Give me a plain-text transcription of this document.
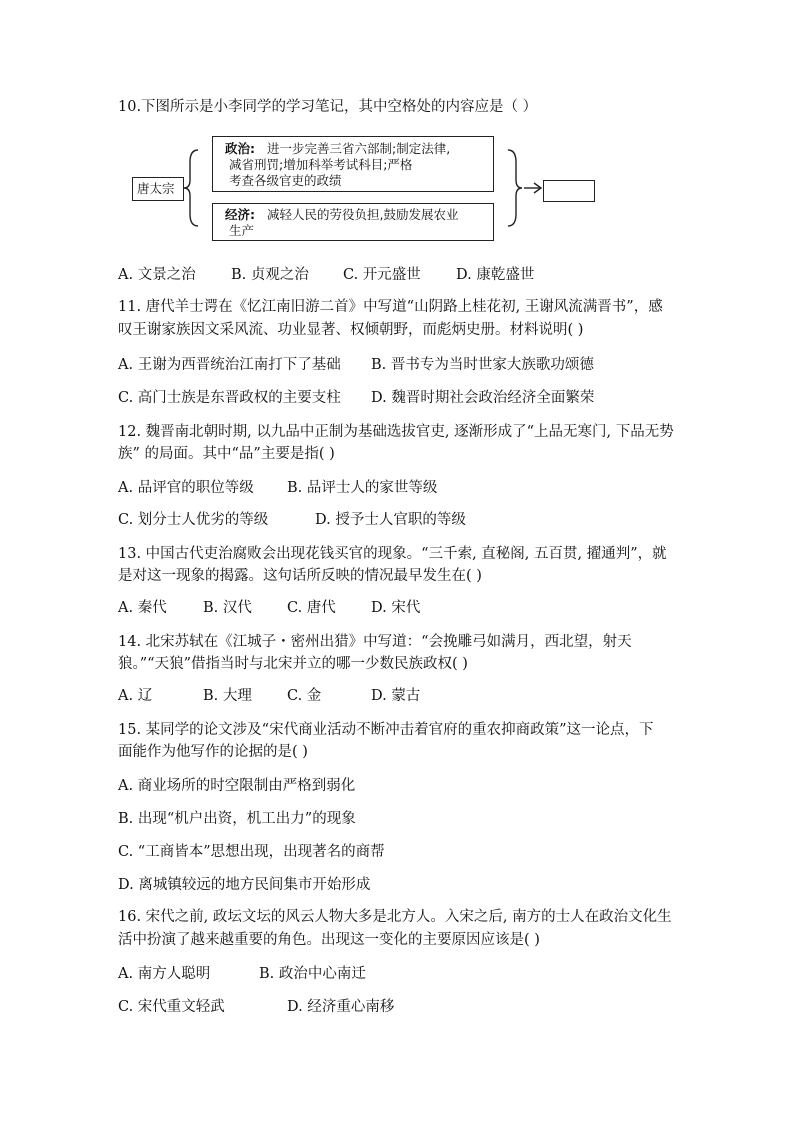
10.下图所示是小李同学的学习笔记，其中空格处的内容应是（ ）
唐太宗
政治: 进一步完善三省六部制;制定法律,
减省刑罚;增加科举考试科目;严格
考查各级官吏的政绩
经济: 减轻人民的劳役负担,鼓励发展农业
生产
A. 文景之治 B. 贞观之治 C. 开元盛世 D. 康乾盛世
11. 唐代羊士谔在《忆江南旧游二首》中写道“山阴路上桂花初, 王谢风流满晋书”，感
叹王谢家族因文采风流、功业显著、权倾朝野，而彪炳史册。材料说明( )
A. 王谢为西晋统治江南打下了基础 B. 晋书专为当时世家大族歌功颂德
C. 高门士族是东晋政权的主要支柱 D. 魏晋时期社会政治经济全面繁荣
12. 魏晋南北朝时期, 以九品中正制为基础选拔官吏, 逐渐形成了“上品无寒门, 下品无势
族” 的局面。其中“品”主要是指( )
A. 品评官的职位等级 B. 品评士人的家世等级
C. 划分士人优劣的等级	D. 授予士人官职的等级
13. 中国古代吏治腐败会出现花钱买官的现象。“三千索, 直秘阁, 五百贯, 擢通判”，就
是对这一现象的揭露。这句话所反映的情况最早发生在( )
A. 秦代	B. 汉代 C. 唐代 D. 宋代
14. 北宋苏轼在《江城子・密州出猎》中写道：“会挽雕弓如满月，西北望，射天
狼。”“天狼”借指当时与北宋并立的哪一少数民族政权( )
A. 辽	B. 大理 C. 金	D. 蒙古
15. 某同学的论文涉及“宋代商业活动不断冲击着官府的重农抑商政策”这一论点，下
面能作为他写作的论据的是( )
A. 商业场所的时空限制由严格到弱化
B. 出现“机户出资，机工出力”的现象
C. “工商皆本”思想出现，出现著名的商帮
D. 离城镇较远的地方民间集市开始形成
16. 宋代之前, 政坛文坛的风云人物大多是北方人。入宋之后, 南方的士人在政治文化生
活中扮演了越来越重要的角色。出现这一变化的主要原因应该是( )
A. 南方人聪明	B. 政治中心南迁
C. 宋代重文轻武	D. 经济重心南移
